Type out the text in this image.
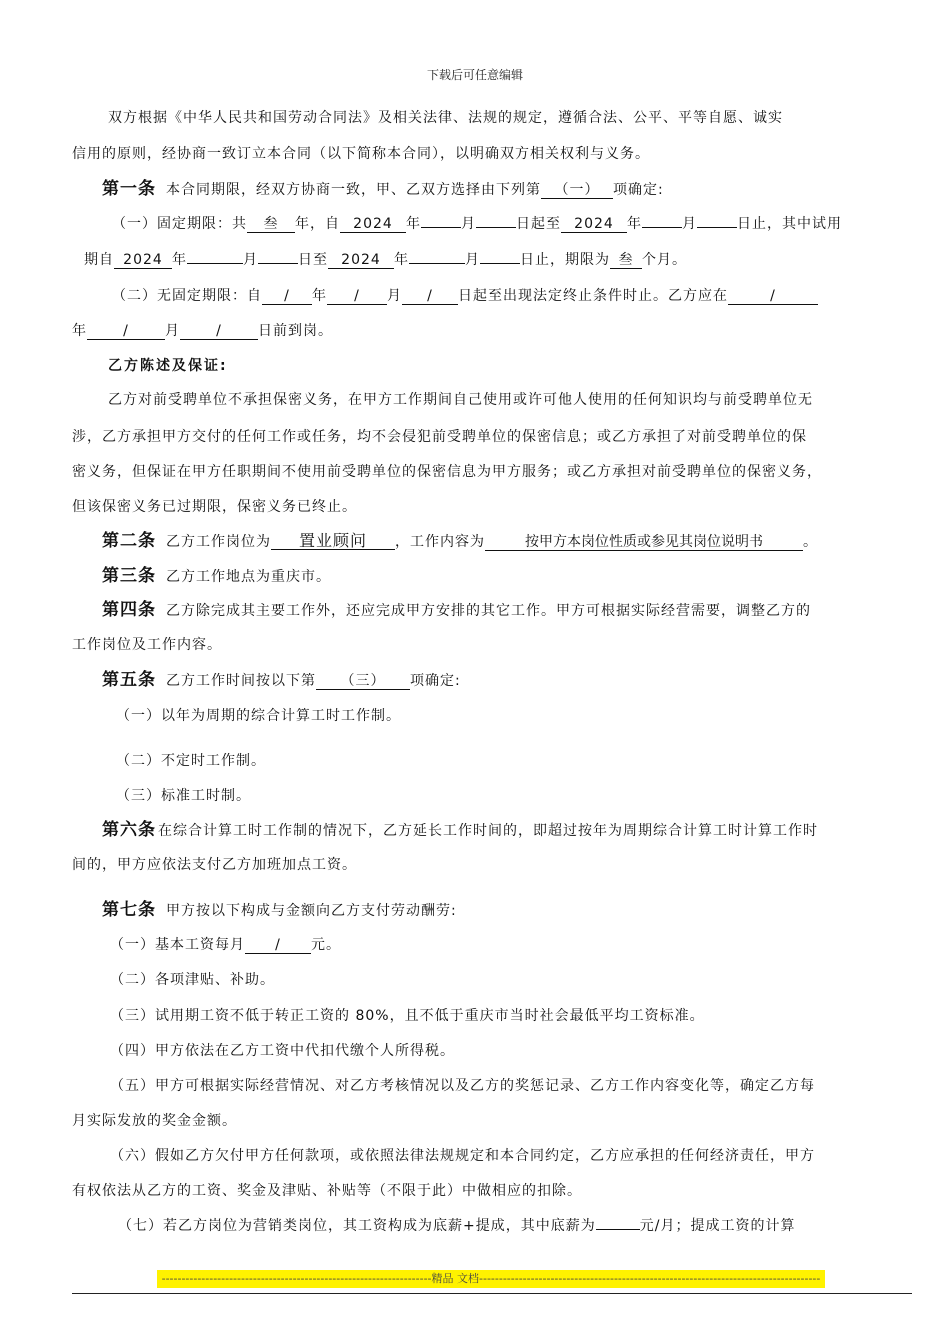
下载后可任意编辑
双方根据《中华人民共和国劳动合同法》及相关法律、法规的规定，遵循合法、公平、平等自愿、诚实
信用的原则，经协商一致订立本合同（以下简称本合同），以明确双方相关权利与义务。
第一条 本合同期限，经双方协商一致，甲、乙双方选择由下列第 （一） 项确定:
（一）固定期限：共 叁 年，自 2024 年	月	日起至 2024 年	月	日止，其中试用
期自 2024 年	月	日至 2024 年	月	日止，期限为 叁 个月。
（二）无固定期限：自 / 年 / 月 / 日起至出现法定终止条件时止。乙方应在	/
年	/	月	/	日前到岗。
乙方陈述及保证:
乙方对前受聘单位不承担保密义务，在甲方工作期间自己使用或许可他人使用的任何知识均与前受聘单位无
涉，乙方承担甲方交付的任何工作或任务，均不会侵犯前受聘单位的保密信息；或乙方承担了对前受聘单位的保
密义务，但保证在甲方任职期间不使用前受聘单位的保密信息为甲方服务；或乙方承担对前受聘单位的保密义务，
但该保密义务已过期限，保密义务已终止。
第二条 乙方工作岗位为 置业顾问 ，工作内容为	按甲方本岗位性质或参见其岗位说明书	。
第三条 乙方工作地点为重庆市。
第四条 乙方除完成其主要工作外，还应完成甲方安排的其它工作。甲方可根据实际经营需要，调整乙方的
工作岗位及工作内容。
第五条 乙方工作时间按以下第 （三） 项确定:
（一）以年为周期的综合计算工时工作制。
（二）不定时工作制。
（三）标准工时制。
第六条 在综合计算工时工作制的情况下，乙方延长工作时间的，即超过按年为周期综合计算工时计算工作时
间的，甲方应依法支付乙方加班加点工资。
第七条 甲方按以下构成与金额向乙方支付劳动酬劳:
（一）基本工资每月 / 元。
（二）各项津贴、补助。
（三）试用期工资不低于转正工资的 80%，且不低于重庆市当时社会最低平均工资标准。
（四）甲方依法在乙方工资中代扣代缴个人所得税。
（五）甲方可根据实际经营情况、对乙方考核情况以及乙方的奖惩记录、乙方工作内容变化等，确定乙方每
月实际发放的奖金金额。
（六）假如乙方欠付甲方任何款项，或依照法律法规规定和本合同约定，乙方应承担的任何经济责任，甲方
有权依法从乙方的工资、奖金及津贴、补贴等（不限于此）中做相应的扣除。
（七）若乙方岗位为营销类岗位，其工资构成为底薪+提成，其中底薪为	元/月；提成工资的计算
--------------------------------------------------------------------精品 文档--------------------------------------------------------------------------------------
